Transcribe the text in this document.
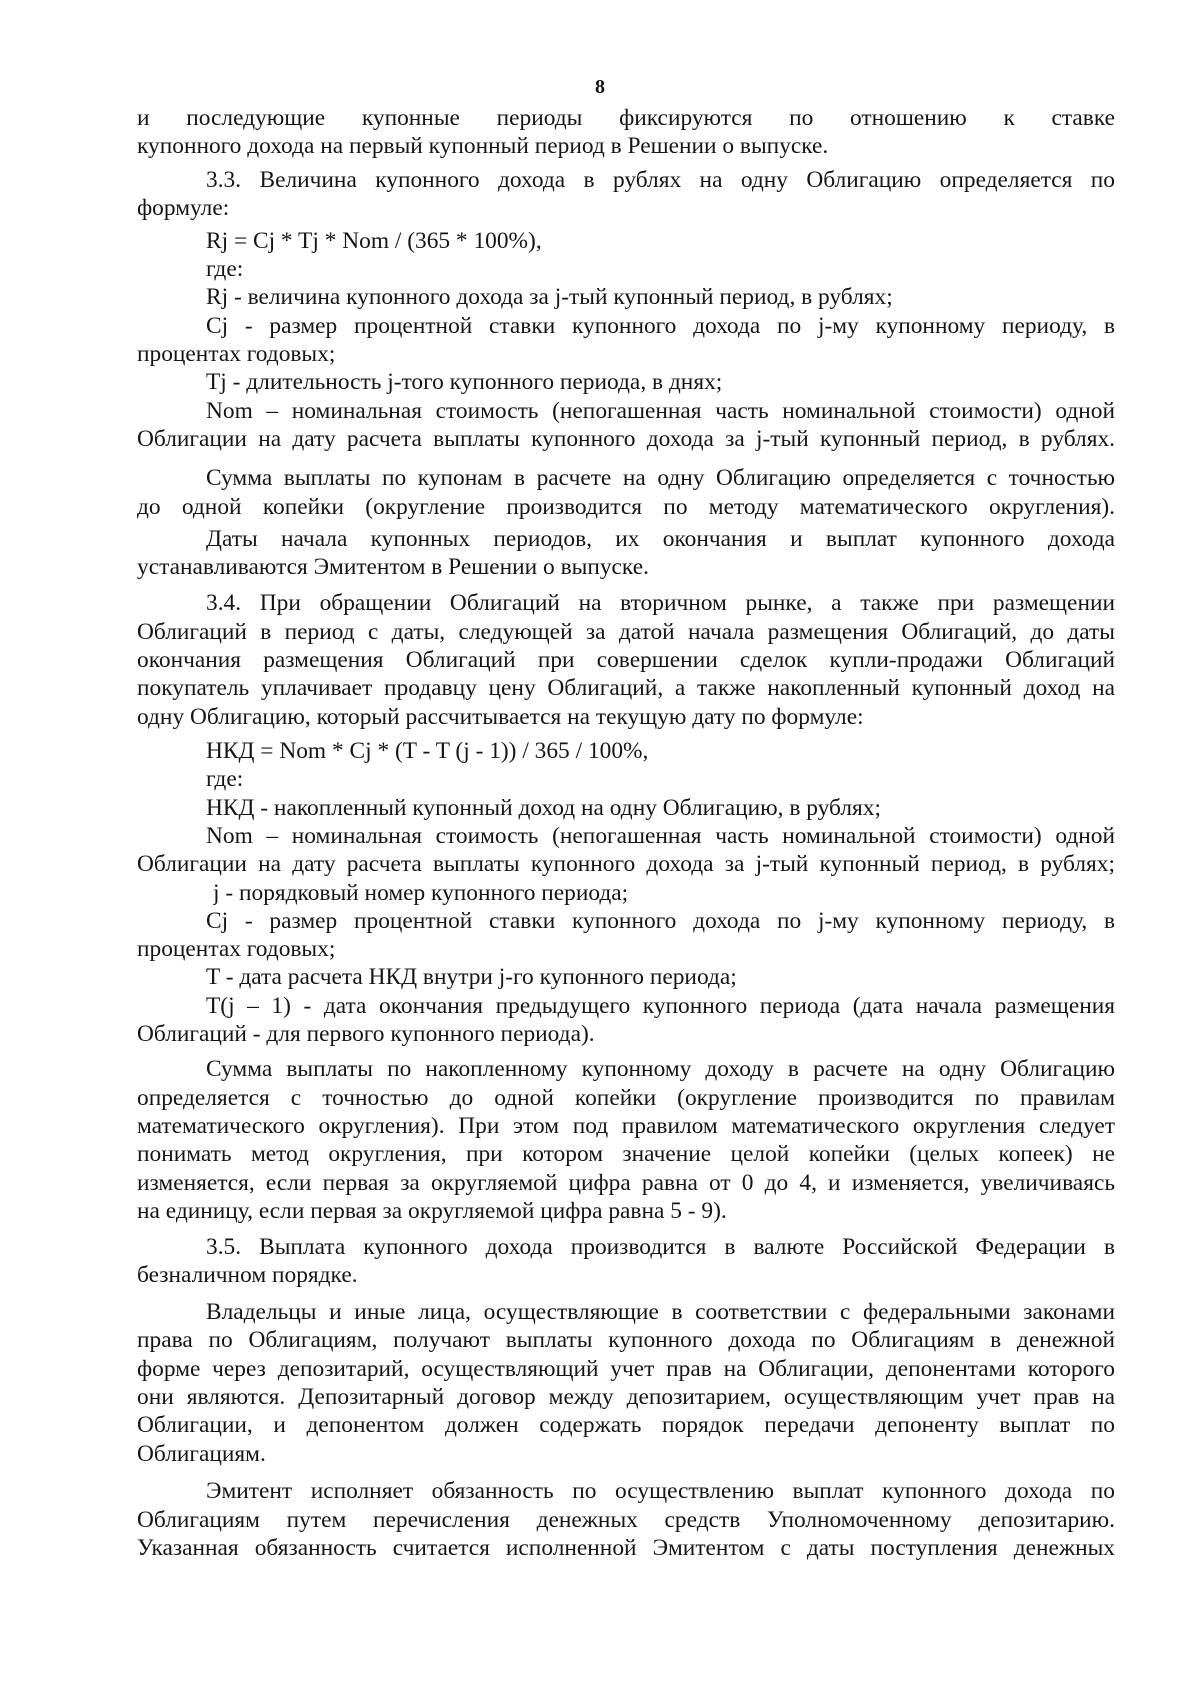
8
и последующие купонные периоды фиксируются по отношению к ставке
купонного дохода на первый купонный период в Решении о выпуске.
3.3. Величина купонного дохода в рублях на одну Облигацию определяется по
формуле:
Rj = Cj * Tj * Nom / (365 * 100%),
где:
Rj - величина купонного дохода за j-тый купонный период, в рублях;
Cj - размер процентной ставки купонного дохода по j-му купонному периоду, в
процентах годовых;
Tj - длительность j-того купонного периода, в днях;
Nom – номинальная стоимость (непогашенная часть номинальной стоимости) одной
Облигации на дату расчета выплаты купонного дохода за j-тый купонный период, в рублях.
Сумма выплаты по купонам в расчете на одну Облигацию определяется с точностью
до одной копейки (округление производится по методу математического округления).
Даты начала купонных периодов, их окончания и выплат купонного дохода
устанавливаются Эмитентом в Решении о выпуске.
3.4. При обращении Облигаций на вторичном рынке, а также при размещении
Облигаций в период с даты, следующей за датой начала размещения Облигаций, до даты
окончания размещения Облигаций при совершении сделок купли-продажи Облигаций
покупатель уплачивает продавцу цену Облигаций, а также накопленный купонный доход на
одну Облигацию, который рассчитывается на текущую дату по формуле:
НКД = Nom * Cj * (T - T (j - 1)) / 365 / 100%,
где:
НКД - накопленный купонный доход на одну Облигацию, в рублях;
Nom – номинальная стоимость (непогашенная часть номинальной стоимости) одной
Облигации на дату расчета выплаты купонного дохода за j-тый купонный период, в рублях;
j - порядковый номер купонного периода;
Cj - размер процентной ставки купонного дохода по j-му купонному периоду, в
процентах годовых;
T - дата расчета НКД внутри j-го купонного периода;
T(j – 1) - дата окончания предыдущего купонного периода (дата начала размещения
Облигаций - для первого купонного периода).
Сумма выплаты по накопленному купонному доходу в расчете на одну Облигацию
определяется с точностью до одной копейки (округление производится по правилам
математического округления). При этом под правилом математического округления следует
понимать метод округления, при котором значение целой копейки (целых копеек) не
изменяется, если первая за округляемой цифра равна от 0 до 4, и изменяется, увеличиваясь
на единицу, если первая за округляемой цифра равна 5 - 9).
3.5. Выплата купонного дохода производится в валюте Российской Федерации в
безналичном порядке.
Владельцы и иные лица, осуществляющие в соответствии с федеральными законами
права по Облигациям, получают выплаты купонного дохода по Облигациям в денежной
форме через депозитарий, осуществляющий учет прав на Облигации, депонентами которого
они являются. Депозитарный договор между депозитарием, осуществляющим учет прав на
Облигации, и депонентом должен содержать порядок передачи депоненту выплат по
Облигациям.
Эмитент исполняет обязанность по осуществлению выплат купонного дохода по
Облигациям путем перечисления денежных средств Уполномоченному депозитарию.
Указанная обязанность считается исполненной Эмитентом с даты поступления денежных
